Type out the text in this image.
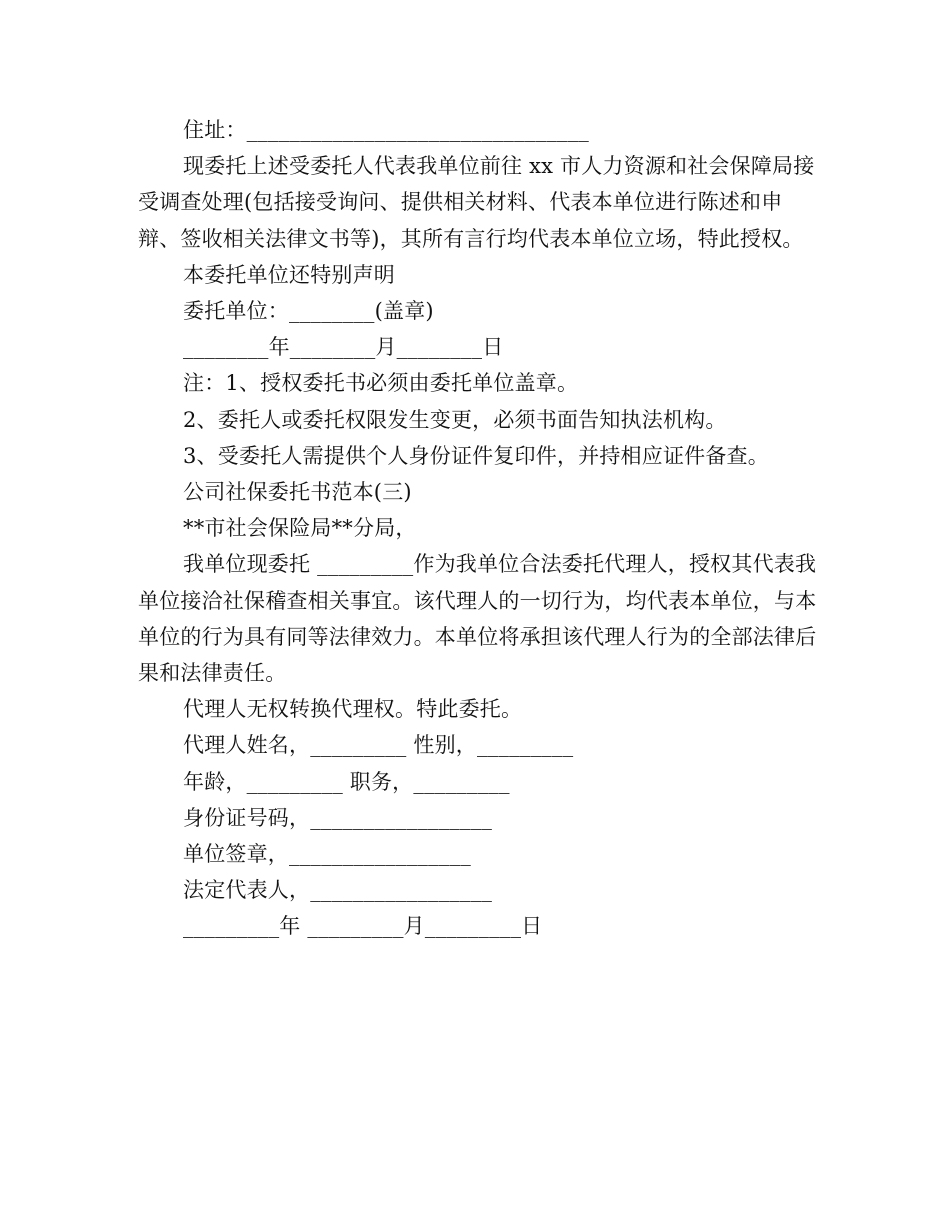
住址：________________________________

现委托上述受委托人代表我单位前往 xx 市人力资源和社会保障局接受调查处理(包括接受询问、提供相关材料、代表本单位进行陈述和申辩、签收相关法律文书等)，其所有言行均代表本单位立场，特此授权。

本委托单位还特别声明

委托单位：________(盖章)

________年________月________日

注：1、授权委托书必须由委托单位盖章。

2、委托人或委托权限发生变更，必须书面告知执法机构。

3、受委托人需提供个人身份证件复印件，并持相应证件备查。

公司社保委托书范本(三)

**市社会保险局**分局，

我单位现委托 _________作为我单位合法委托代理人，授权其代表我单位接洽社保稽查相关事宜。该代理人的一切行为，均代表本单位，与本单位的行为具有同等法律效力。本单位将承担该代理人行为的全部法律后果和法律责任。

代理人无权转换代理权。特此委托。

代理人姓名，_________ 性别，_________

年龄，_________ 职务，_________

身份证号码，_________________

单位签章，_________________

法定代表人，_________________

_________年 _________月_________日
